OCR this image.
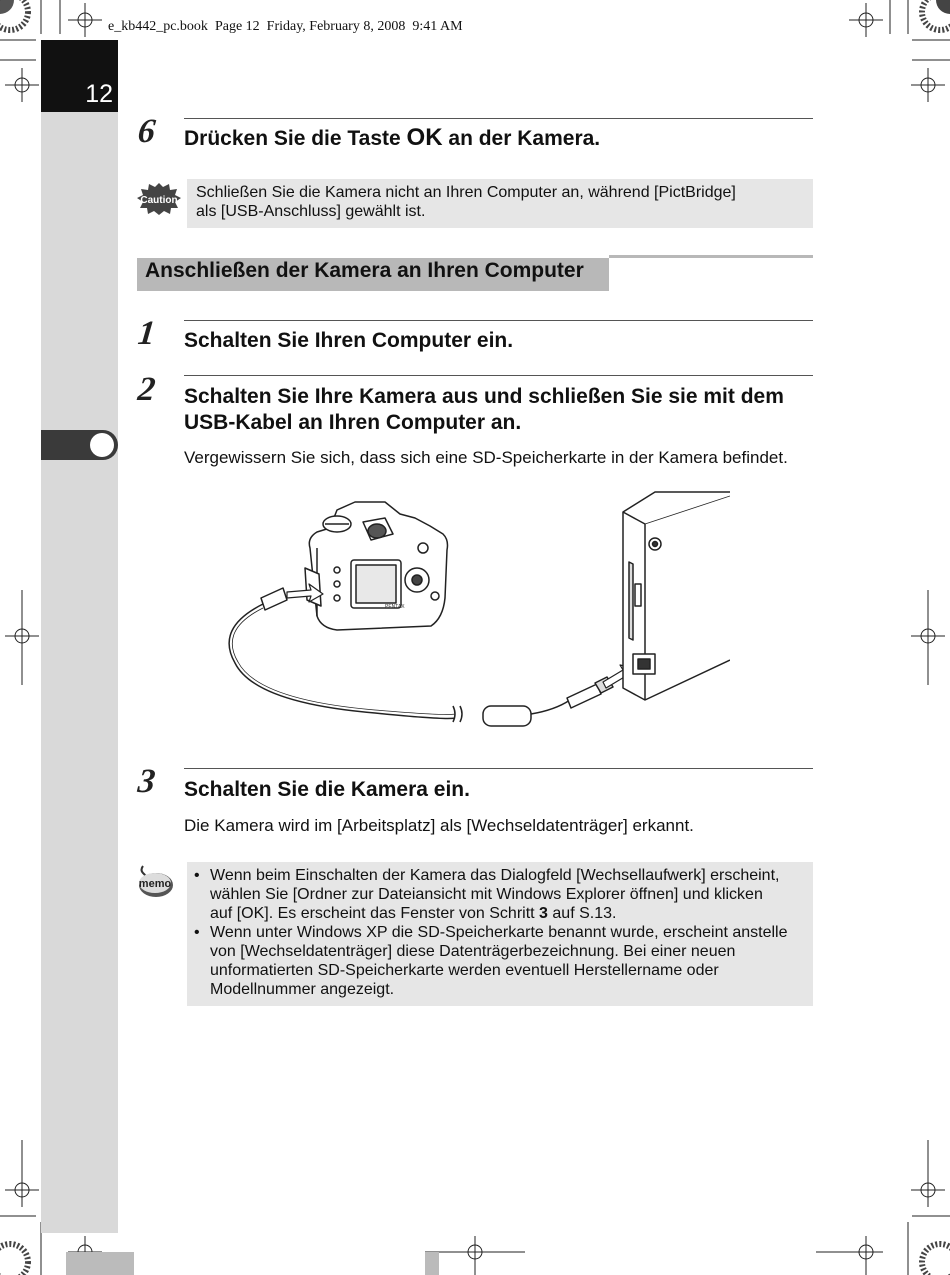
e_kb442_pc.book Page 12 Friday, February 8, 2008 9:41 AM
12
6 Drücken Sie die Taste OK an der Kamera.
Caution Schließen Sie die Kamera nicht an Ihren Computer an, während [PictBridge]
als [USB-Anschluss] gewählt ist.
Anschließen der Kamera an Ihren Computer
1 Schalten Sie Ihren Computer ein.
2 Schalten Sie Ihre Kamera aus und schließen Sie sie mit dem
USB-Kabel an Ihren Computer an.
Vergewissern Sie sich, dass sich eine SD-Speicherkarte in der Kamera befindet.
PENTAX
3 Schalten Sie die Kamera ein.
Die Kamera wird im [Arbeitsplatz] als [Wechseldatenträger] erkannt.
memo • Wenn beim Einschalten der Kamera das Dialogfeld [Wechsellaufwerk] erscheint,
wählen Sie [Ordner zur Dateiansicht mit Windows Explorer öffnen] und klicken
auf [OK]. Es erscheint das Fenster von Schritt 3 auf S.13.
• Wenn unter Windows XP die SD-Speicherkarte benannt wurde, erscheint anstelle
von [Wechseldatenträger] diese Datenträgerbezeichnung. Bei einer neuen
unformatierten SD-Speicherkarte werden eventuell Herstellername oder
Modellnummer angezeigt.
